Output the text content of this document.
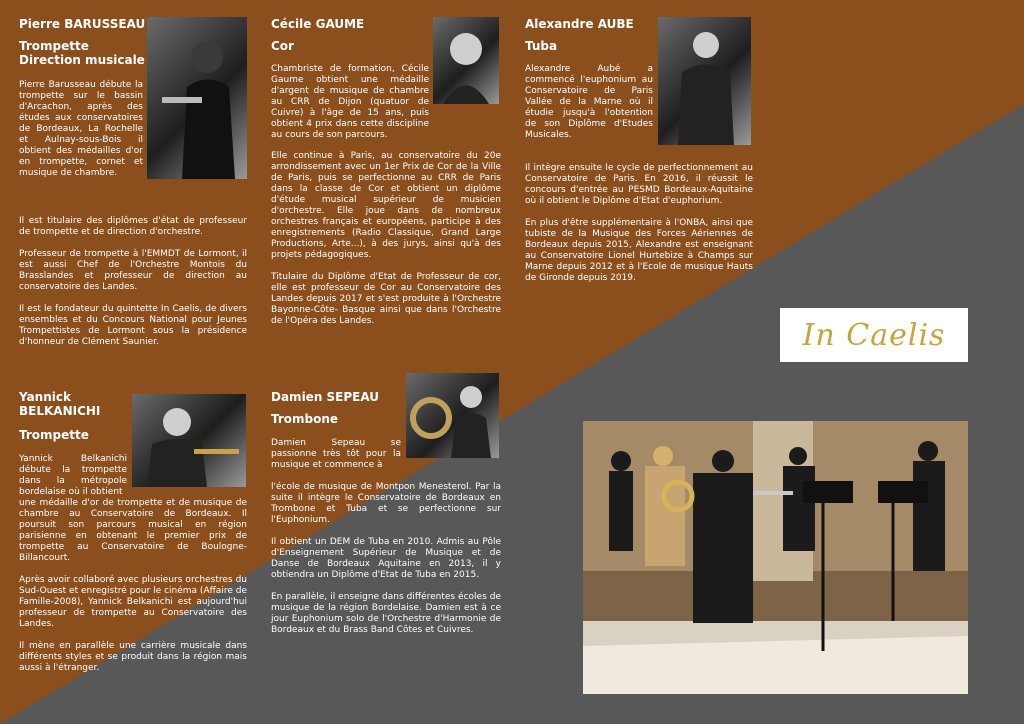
Pierre BARUSSEAU
Trompette
Direction musicale
Pierre Barusseau débute la trompette sur le bassin d'Arcachon, après des études aux conservatoires de Bordeaux, La Rochelle et Aulnay-sous-Bois il obtient des médailles d'or en trompette, cornet et musique de chambre.

Il est titulaire des diplômes d'état de professeur de trompette et de direction d'orchestre.

Professeur de trompette à l'EMMDT de Lormont, il est aussi Chef de l'Orchestre Montois du Brasslandes et professeur de direction au conservatoire des Landes.

Il est le fondateur du quintette In Caelis, de divers ensembles et du Concours National pour Jeunes Trompettistes de Lormont sous la présidence d'honneur de Clément Saunier.

Cécile GAUME
Cor
Chambriste de formation, Cécile Gaume obtient une médaille d'argent de musique de chambre au CRR de Dijon (quatuor de Cuivre) à l'âge de 15 ans, puis obtient 4 prix dans cette discipline au cours de son parcours.

Elle continue à Paris, au conservatoire du 20e arrondissement avec un 1er Prix de Cor de la Ville de Paris, puis se perfectionne au CRR de Paris dans la classe de Cor et obtient un diplôme d'étude musical supérieur de musicien d'orchestre. Elle joue dans de nombreux orchestres français et européens, participe à des enregistrements (Radio Classique, Grand Large Productions, Arte...), à des jurys, ainsi qu'à des projets pédagogiques.

Titulaire du Diplôme d'Etat de Professeur de cor, elle est professeur de Cor au Conservatoire des Landes depuis 2017 et s'est produite à l'Orchestre Bayonne-Côte- Basque ainsi que dans l'Orchestre de l'Opéra des Landes.

Alexandre AUBE
Tuba
Alexandre Aubé a commencé l'euphonium au Conservatoire de Paris Vallée de la Marne où il étudie jusqu'à l'obtention de son Diplôme d'Etudes Musicales.

Il intègre ensuite le cycle de perfectionnement au Conservatoire de Paris. En 2016, il réussit le concours d'entrée au PESMD Bordeaux-Aquitaine où il obtient le Diplôme d'Etat d'euphorium.

En plus d'être supplémentaire à l'ONBA, ainsi que tubiste de la Musique des Forces Aériennes de Bordeaux depuis 2015, Alexandre est enseignant au Conservatoire Lionel Hurtebize à Champs sur Marne depuis 2012 et à l'Ecole de musique Hauts de Gironde depuis 2019.

Yannick
BELKANICHI
Trompette
Yannick Belkanichi débute la trompette dans la métropole bordelaise où il obtient

une médaille d'or de trompette et de musique de chambre au Conservatoire de Bordeaux. Il poursuit son parcours musical en région parisienne en obtenant le premier prix de trompette au Conservatoire de Boulogne-Billancourt.

Après avoir collaboré avec plusieurs orchestres du Sud-Ouest et enregistré pour le cinéma (Affaire de Famille-2008), Yannick Belkanichi est aujourd'hui professeur de trompette au Conservatoire des Landes.

Il mène en parallèle une carrière musicale dans différents styles et se produit dans la région mais aussi à l'étranger.

Damien SEPEAU
Trombone
Damien Sepeau se passionne très tôt pour la musique et commence à

l'école de musique de Montpon Menesterol. Par la suite il intègre le Conservatoire de Bordeaux en Trombone et Tuba et se perfectionne sur l'Euphonium.

Il obtient un DEM de Tuba en 2010. Admis au Pôle d'Enseignement Supérieur de Musique et de Danse de Bordeaux Aquitaine en 2013, il y obtiendra un Diplôme d'Etat de Tuba en 2015.

En parallèle, il enseigne dans différentes écoles de musique de la région Bordelaise. Damien est à ce jour Euphonium solo de l'Orchestre d'Harmonie de Bordeaux et du Brass Band Côtes et Cuivres.

In Caelis
